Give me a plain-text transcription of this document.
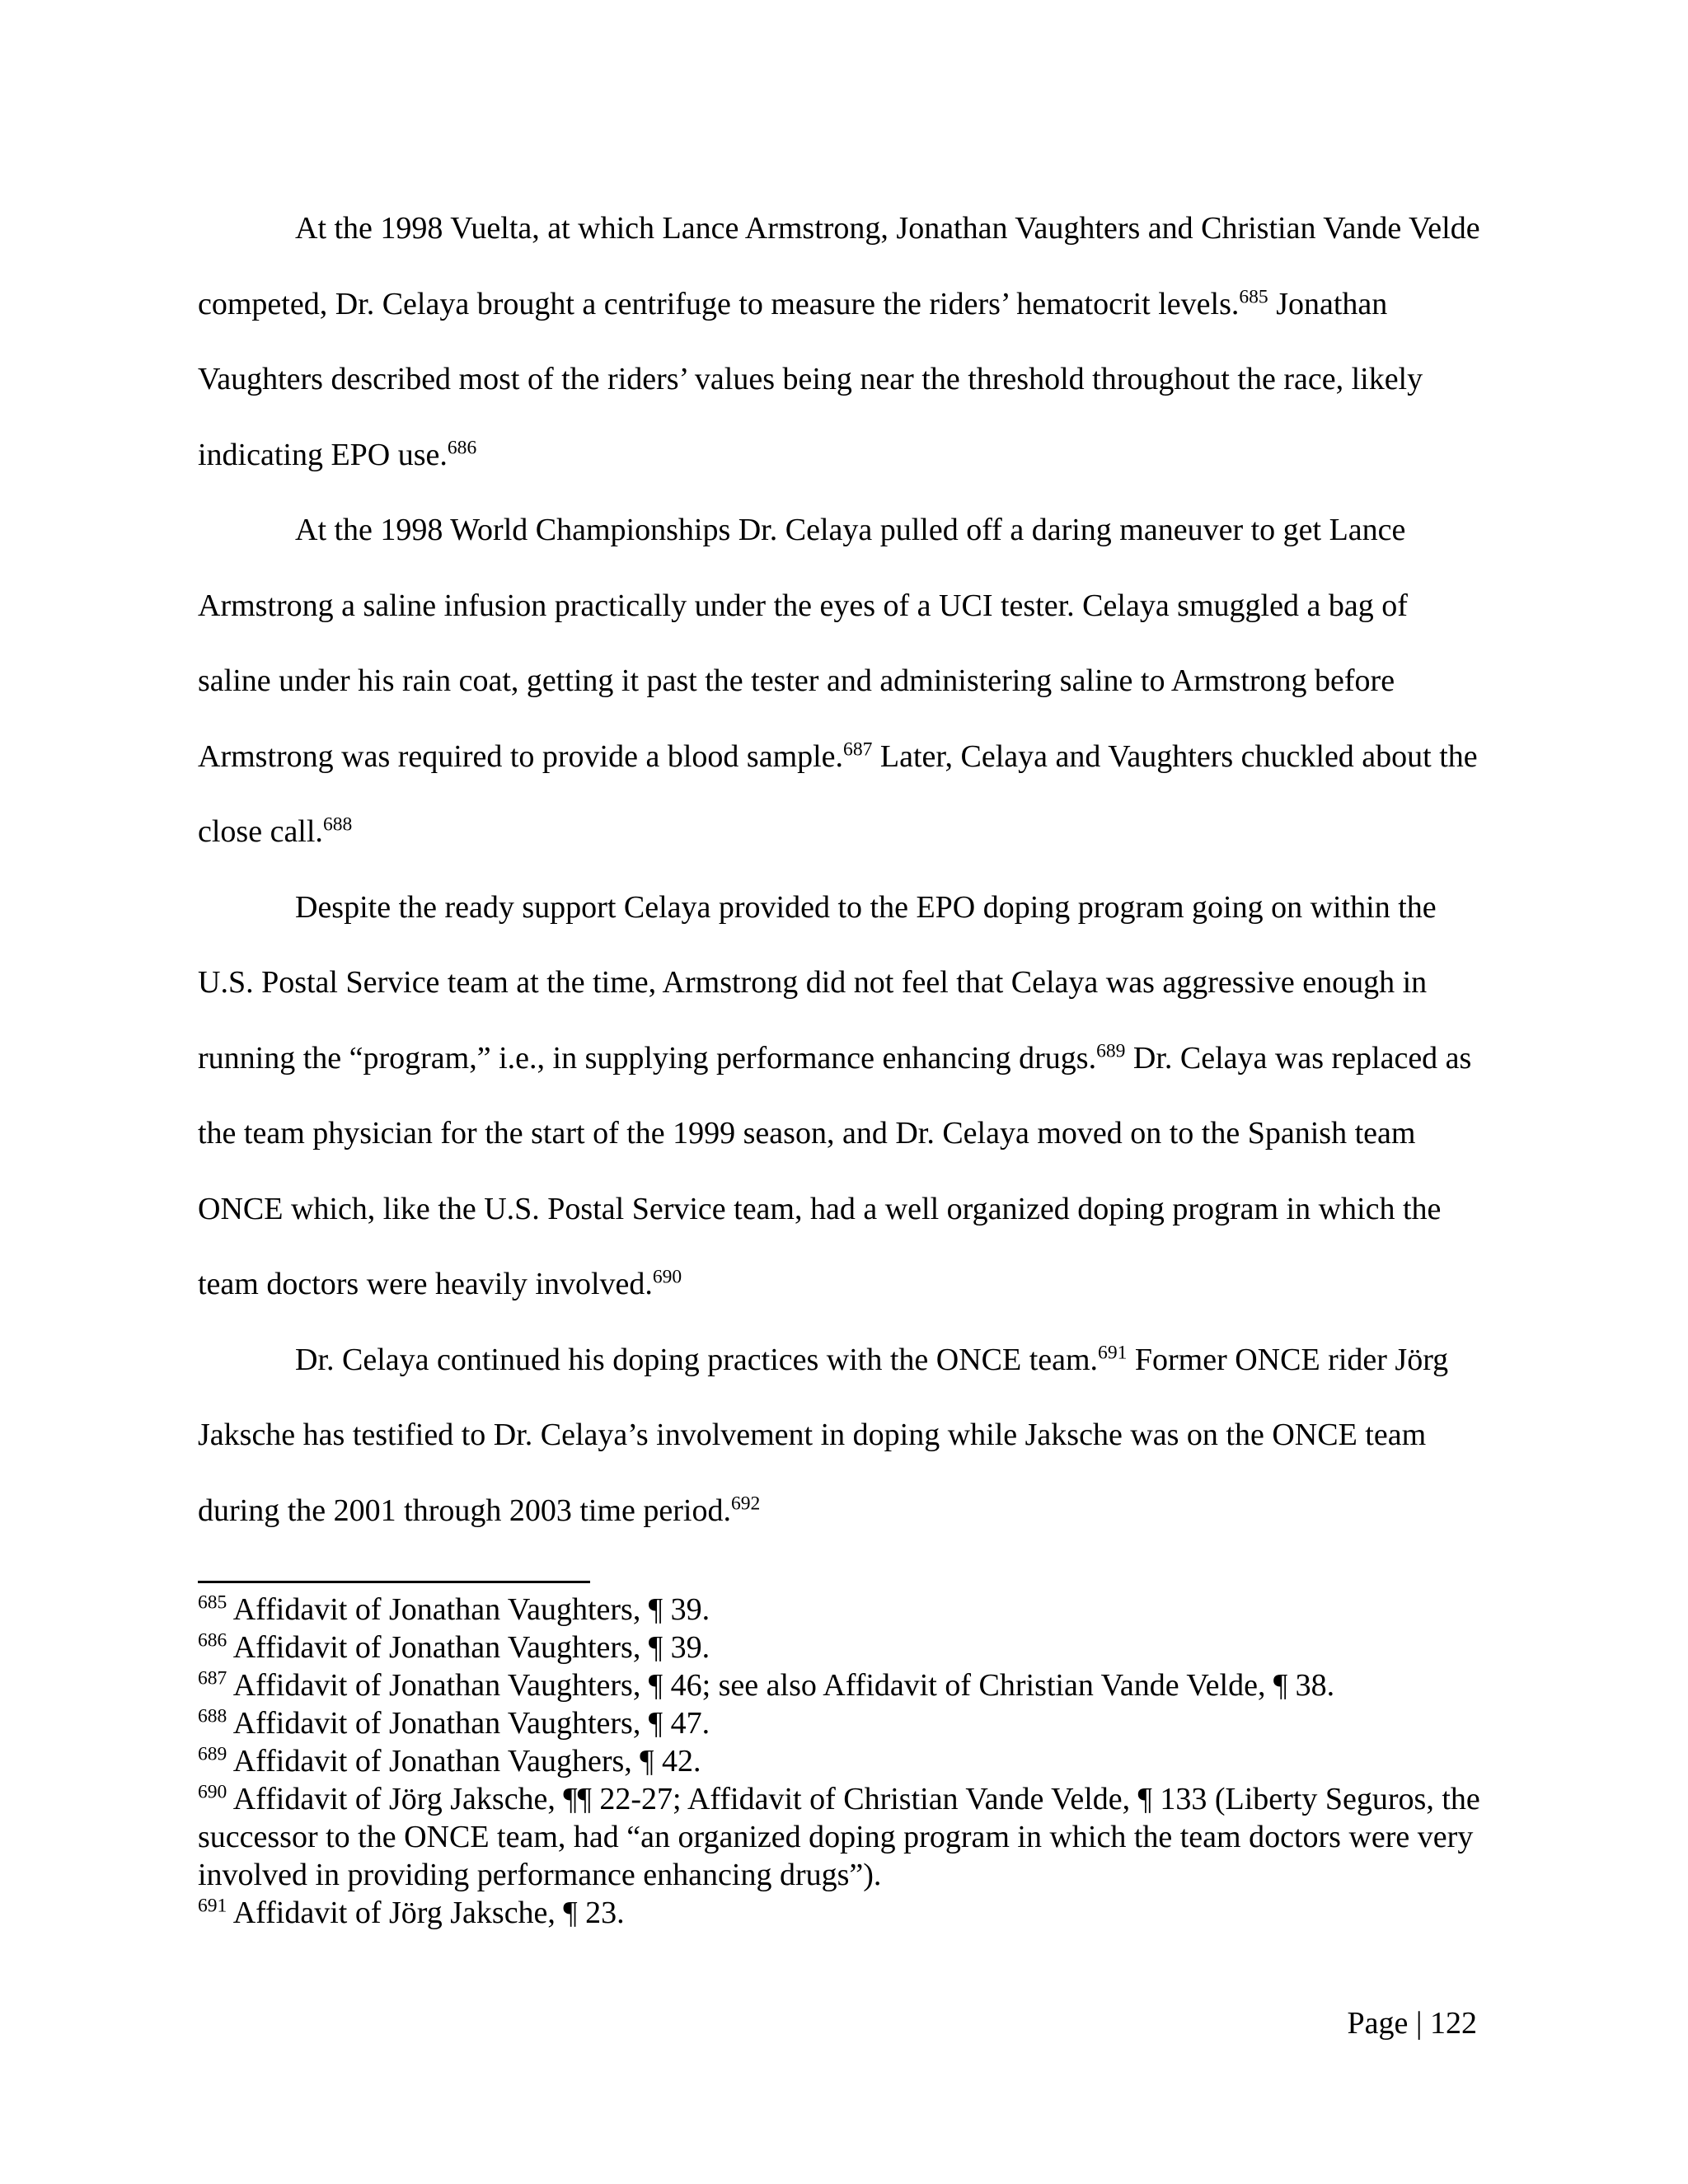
At the 1998 Vuelta, at which Lance Armstrong, Jonathan Vaughters and Christian Vande Velde competed, Dr. Celaya brought a centrifuge to measure the riders’ hematocrit levels.$^{685}$ Jonathan Vaughters described most of the riders’ values being near the threshold throughout the race, likely indicating EPO use.$^{686}$

At the 1998 World Championships Dr. Celaya pulled off a daring maneuver to get Lance Armstrong a saline infusion practically under the eyes of a UCI tester. Celaya smuggled a bag of saline under his rain coat, getting it past the tester and administering saline to Armstrong before Armstrong was required to provide a blood sample.$^{687}$ Later, Celaya and Vaughters chuckled about the close call.$^{688}$

Despite the ready support Celaya provided to the EPO doping program going on within the U.S. Postal Service team at the time, Armstrong did not feel that Celaya was aggressive enough in running the “program,” i.e., in supplying performance enhancing drugs.$^{689}$ Dr. Celaya was replaced as the team physician for the start of the 1999 season, and Dr. Celaya moved on to the Spanish team ONCE which, like the U.S. Postal Service team, had a well organized doping program in which the team doctors were heavily involved.$^{690}$

Dr. Celaya continued his doping practices with the ONCE team.$^{691}$ Former ONCE rider Jörg Jaksche has testified to Dr. Celaya’s involvement in doping while Jaksche was on the ONCE team during the 2001 through 2003 time period.$^{692}$

$^{685}$ Affidavit of Jonathan Vaughters, ¶ 39.

$^{686}$ Affidavit of Jonathan Vaughters, ¶ 39.

$^{687}$ Affidavit of Jonathan Vaughters, ¶ 46; see also Affidavit of Christian Vande Velde, ¶ 38.

$^{688}$ Affidavit of Jonathan Vaughters, ¶ 47.

$^{689}$ Affidavit of Jonathan Vaughers, ¶ 42.

$^{690}$ Affidavit of Jörg Jaksche, ¶¶ 22-27; Affidavit of Christian Vande Velde, ¶ 133 (Liberty Seguros, the successor to the ONCE team, had “an organized doping program in which the team doctors were very involved in providing performance enhancing drugs”).

$^{691}$ Affidavit of Jörg Jaksche, ¶ 23.

Page | 122
